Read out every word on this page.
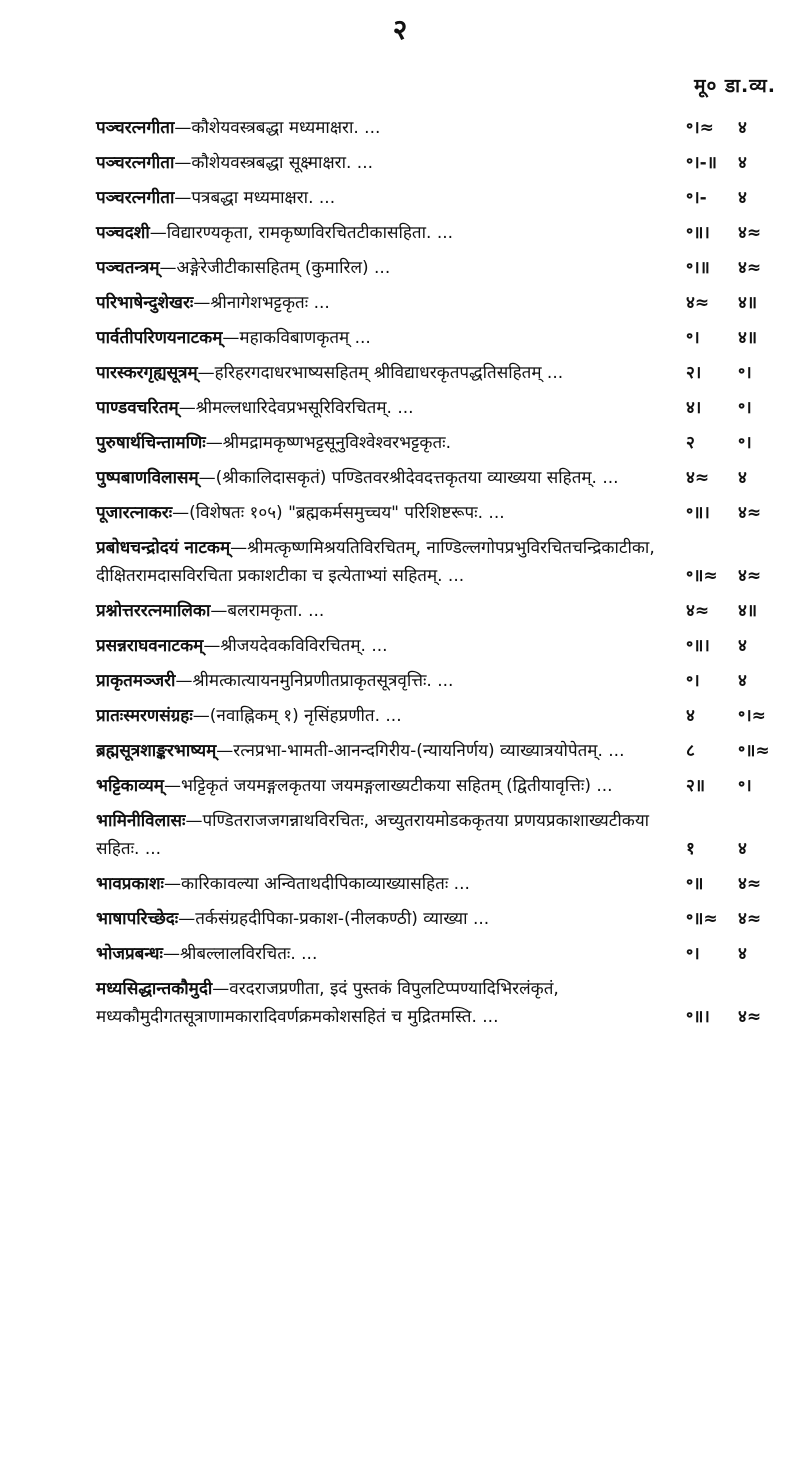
२
मू० डा.व्य.
पञ्चरत्नगीता—कौशेयवस्त्रबद्धा मध्यमाक्षरा. ...	॰।≈	४
पञ्चरत्नगीता—कौशेयवस्त्रबद्धा सूक्ष्माक्षरा. ...	॰।-॥	४
पञ्चरत्नगीता—पत्रबद्धा मध्यमाक्षरा. ...	॰।-	४
पञ्चदशी—विद्यारण्यकृता, रामकृष्णविरचितटीकासहिता. ...	॰॥।	४≈
पञ्चतन्त्रम्—अङ्गेरेजीटीकासहितम् (कुमारिल) ...	॰।॥	४≈
परिभाषेन्दुशेखरः—श्रीनागेशभट्टकृतः ...	४≈	४॥
पार्वतीपरिणयनाटकम्—महाकविबाणकृतम् ...	॰।	४॥
पारस्करगृह्यसूत्रम्—हरिहरगदाधरभाष्यसहितम् श्रीविद्याधरकृतपद्धतिसहितम् ...	२।	॰।
पाण्डवचरितम्—श्रीमल्लधारिदेवप्रभसूरिविरचितम्. ...	४।	॰।
पुरुषार्थचिन्तामणिः—श्रीमद्रामकृष्णभट्टसूनुविश्वेश्वरभट्टकृतः.	२	॰।
पुष्पबाणविलासम्—(श्रीकालिदासकृतं) पण्डितवरश्रीदेवदत्तकृतया व्याख्यया सहितम्. ...	४≈	४
पूजारत्नाकरः—(विशेषतः १०५) "ब्रह्मकर्मसमुच्चय" परिशिष्टरूपः. ...	॰॥।	४≈
प्रबोधचन्द्रोदयं नाटकम्—श्रीमत्कृष्णमिश्रयतिविरचितम्, नाण्डिल्लगोपप्रभुविरचितचन्द्रिकाटीका, दीक्षितरामदासविरचिता प्रकाशटीका च इत्येताभ्यां सहितम्. ...	॰॥≈	४≈
प्रश्नोत्तररत्नमालिका—बलरामकृता. ...	४≈	४॥
प्रसन्नराघवनाटकम्—श्रीजयदेवकविविरचितम्. ...	॰॥।	४
प्राकृतमञ्जरी—श्रीमत्कात्यायनमुनिप्रणीतप्राकृतसूत्रवृत्तिः. ...	॰।	४
प्रातःस्मरणसंग्रहः—(नवाह्निकम् १) नृसिंहप्रणीत. ...	४	॰।≈
ब्रह्मसूत्रशाङ्करभाष्यम्—रत्नप्रभा-भामती-आनन्दगिरीय-(न्यायनिर्णय) व्याख्यात्रयोपेतम्. ...	८	॰॥≈
भट्टिकाव्यम्—भट्टिकृतं जयमङ्गलकृतया जयमङ्गलाख्यटीकया सहितम् (द्वितीयावृत्तिः) ...	२॥	॰।
भामिनीविलासः—पण्डितराजजगन्नाथविरचितः, अच्युतरायमोडककृतया प्रणयप्रकाशाख्यटीकया सहितः. ...	१	४
भावप्रकाशः—कारिकावल्या अन्विताथदीपिकाव्याख्यासहितः ...	॰॥	४≈
भाषापरिच्छेदः—तर्कसंग्रहदीपिका-प्रकाश-(नीलकण्ठी) व्याख्या ...	॰॥≈	४≈
भोजप्रबन्धः—श्रीबल्लालविरचितः. ...	॰।	४
मध्यसिद्धान्तकौमुदी—वरदराजप्रणीता, इदं पुस्तकं विपुलटिप्पण्यादिभिरलंकृतं, मध्यकौमुदीगतसूत्राणामकारादिवर्णक्रमकोशसहितं च मुद्रितमस्ति. ...	॰॥।	४≈
